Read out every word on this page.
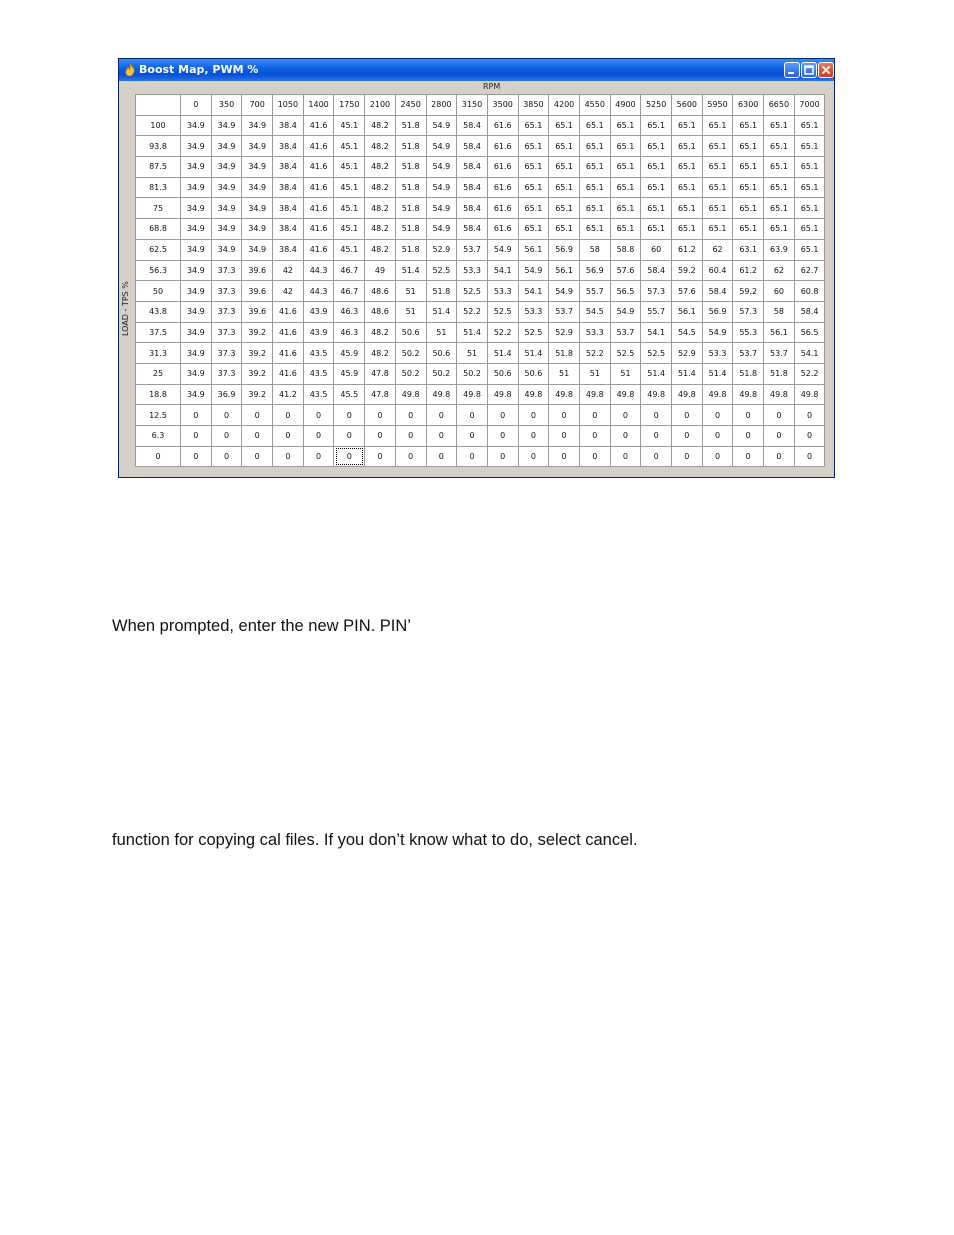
Boost Map, PWM %
RPM
LOAD - TPS %
	0	350	700	1050	1400	1750	2100	2450	2800	3150	3500	3850	4200	4550	4900	5250	5600	5950	6300	6650	7000
100	34.9	34.9	34.9	38.4	41.6	45.1	48.2	51.8	54.9	58.4	61.6	65.1	65.1	65.1	65.1	65.1	65.1	65.1	65.1	65.1	65.1
93.8	34.9	34.9	34.9	38.4	41.6	45.1	48.2	51.8	54.9	58.4	61.6	65.1	65.1	65.1	65.1	65.1	65.1	65.1	65.1	65.1	65.1
87.5	34.9	34.9	34.9	38.4	41.6	45.1	48.2	51.8	54.9	58.4	61.6	65.1	65.1	65.1	65.1	65.1	65.1	65.1	65.1	65.1	65.1
81.3	34.9	34.9	34.9	38.4	41.6	45.1	48.2	51.8	54.9	58.4	61.6	65.1	65.1	65.1	65.1	65.1	65.1	65.1	65.1	65.1	65.1
75	34.9	34.9	34.9	38.4	41.6	45.1	48.2	51.8	54.9	58.4	61.6	65.1	65.1	65.1	65.1	65.1	65.1	65.1	65.1	65.1	65.1
68.8	34.9	34.9	34.9	38.4	41.6	45.1	48.2	51.8	54.9	58.4	61.6	65.1	65.1	65.1	65.1	65.1	65.1	65.1	65.1	65.1	65.1
62.5	34.9	34.9	34.9	38.4	41.6	45.1	48.2	51.8	52.9	53.7	54.9	56.1	56.9	58	58.8	60	61.2	62	63.1	63.9	65.1
56.3	34.9	37.3	39.6	42	44.3	46.7	49	51.4	52.5	53.3	54.1	54.9	56.1	56.9	57.6	58.4	59.2	60.4	61.2	62	62.7
50	34.9	37.3	39.6	42	44.3	46.7	48.6	51	51.8	52.5	53.3	54.1	54.9	55.7	56.5	57.3	57.6	58.4	59.2	60	60.8
43.8	34.9	37.3	39.6	41.6	43.9	46.3	48.6	51	51.4	52.2	52.5	53.3	53.7	54.5	54.9	55.7	56.1	56.9	57.3	58	58.4
37.5	34.9	37.3	39.2	41.6	43.9	46.3	48.2	50.6	51	51.4	52.2	52.5	52.9	53.3	53.7	54.1	54.5	54.9	55.3	56.1	56.5
31.3	34.9	37.3	39.2	41.6	43.5	45.9	48.2	50.2	50.6	51	51.4	51.4	51.8	52.2	52.5	52.5	52.9	53.3	53.7	53.7	54.1
25	34.9	37.3	39.2	41.6	43.5	45.9	47.8	50.2	50.2	50.2	50.6	50.6	51	51	51	51.4	51.4	51.4	51.8	51.8	52.2
18.8	34.9	36.9	39.2	41.2	43.5	45.5	47.8	49.8	49.8	49.8	49.8	49.8	49.8	49.8	49.8	49.8	49.8	49.8	49.8	49.8	49.8
12.5	0	0	0	0	0	0	0	0	0	0	0	0	0	0	0	0	0	0	0	0	0
6.3	0	0	0	0	0	0	0	0	0	0	0	0	0	0	0	0	0	0	0	0	0
0	0	0	0	0	0	0	0	0	0	0	0	0	0	0	0	0	0	0	0	0	0
When prompted, enter the new PIN. PIN’
function for copying cal files. If you don’t know what to do, select cancel.
